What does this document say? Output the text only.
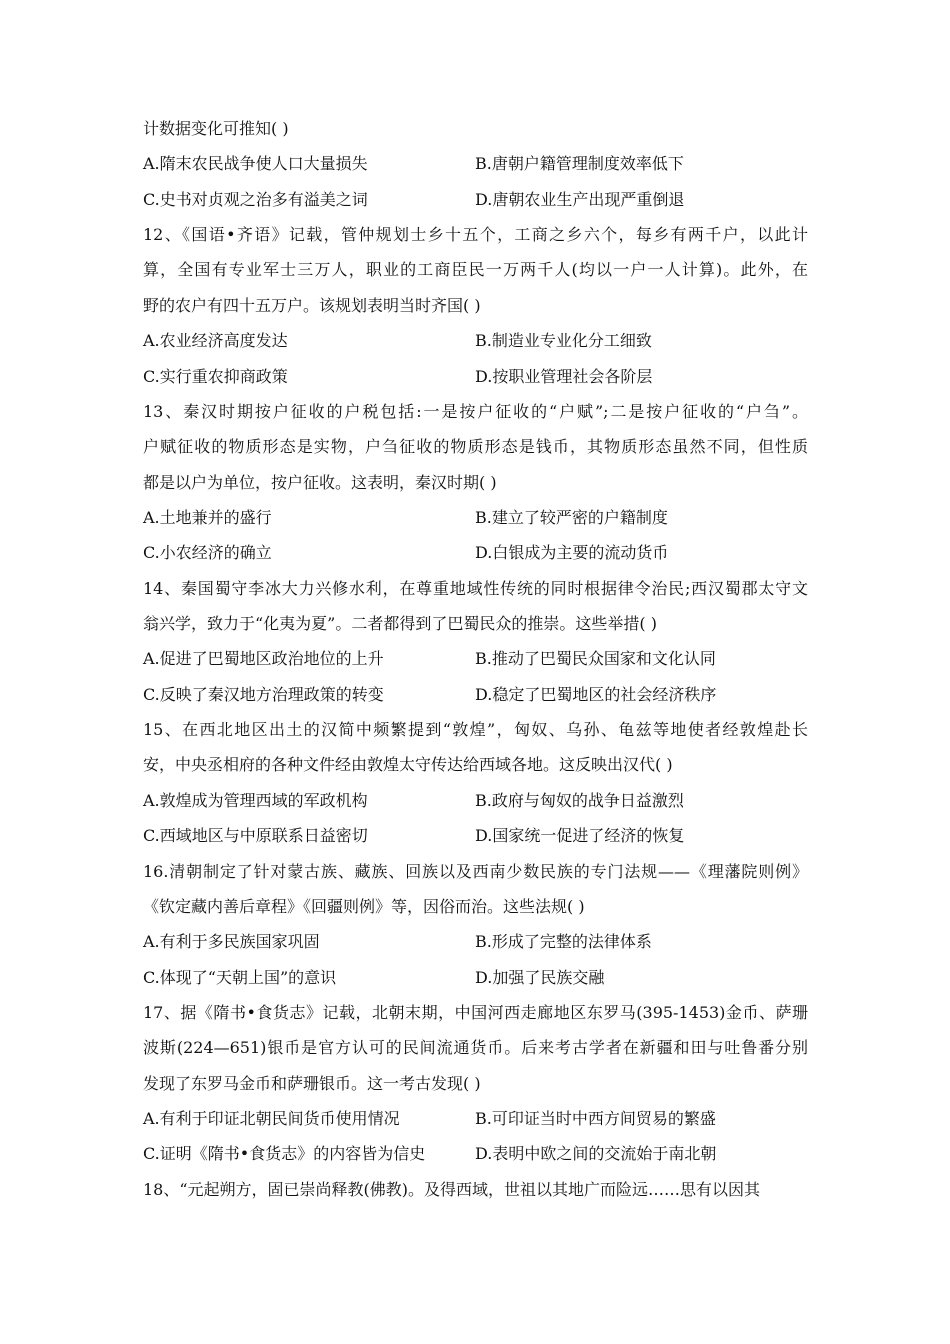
计数据变化可推知( )
A.隋末农民战争使人口大量损失	B.唐朝户籍管理制度效率低下
C.史书对贞观之治多有溢美之词	D.唐朝农业生产出现严重倒退
12、《国语•齐语》记载，管仲规划士乡十五个，工商之乡六个，每乡有两千户，以此计
算，全国有专业军士三万人，职业的工商臣民一万两千人(均以一户一人计算)。此外，在
野的农户有四十五万户。该规划表明当时齐国( )
A.农业经济高度发达	B.制造业专业化分工细致
C.实行重农抑商政策	D.按职业管理社会各阶层
13、秦汉时期按户征收的户税包括:一是按户征收的“户赋”;二是按户征收的“户刍”。
户赋征收的物质形态是实物，户刍征收的物质形态是钱币，其物质形态虽然不同，但性质
都是以户为单位，按户征收。这表明，秦汉时期( )
A.土地兼并的盛行	B.建立了较严密的户籍制度
C.小农经济的确立	D.白银成为主要的流动货币
14、秦国蜀守李冰大力兴修水利，在尊重地域性传统的同时根据律令治民;西汉蜀郡太守文
翁兴学，致力于“化夷为夏”。二者都得到了巴蜀民众的推崇。这些举措( )
A.促进了巴蜀地区政治地位的上升	B.推动了巴蜀民众国家和文化认同
C.反映了秦汉地方治理政策的转变	D.稳定了巴蜀地区的社会经济秩序
15、在西北地区出土的汉简中频繁提到“敦煌”，匈奴、乌孙、龟兹等地使者经敦煌赴长
安，中央丞相府的各种文件经由敦煌太守传达给西域各地。这反映出汉代( )
A.敦煌成为管理西域的军政机构	B.政府与匈奴的战争日益激烈
C.西域地区与中原联系日益密切	D.国家统一促进了经济的恢复
16.清朝制定了针对蒙古族、藏族、回族以及西南少数民族的专门法规——《理藩院则例》
《钦定藏内善后章程》《回疆则例》等，因俗而治。这些法规( )
A.有利于多民族国家巩固	B.形成了完整的法律体系
C.体现了“天朝上国”的意识	D.加强了民族交融
17、据《隋书•食货志》记载，北朝末期，中国河西走廊地区东罗马(395-1453)金币、萨珊
波斯(224—651)银币是官方认可的民间流通货币。后来考古学者在新疆和田与吐鲁番分别
发现了东罗马金币和萨珊银币。这一考古发现( )
A.有利于印证北朝民间货币使用情况	B.可印证当时中西方间贸易的繁盛
C.证明《隋书•食货志》的内容皆为信史	D.表明中欧之间的交流始于南北朝
18、“元起朔方，固已崇尚释教(佛教)。及得西域，世祖以其地广而险远……思有以因其
